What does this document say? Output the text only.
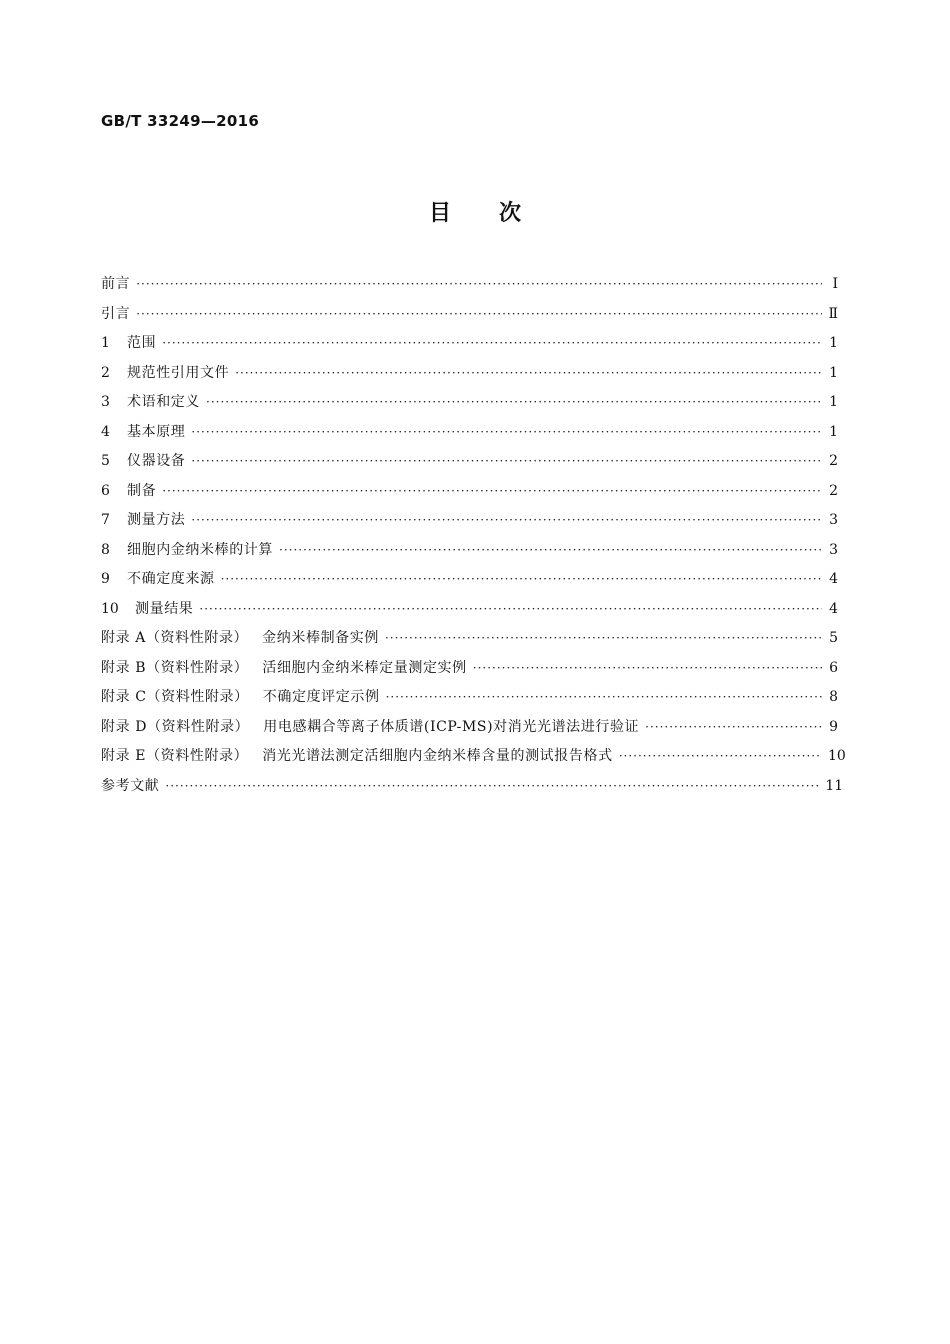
GB/T 33249—2016
目次
前言 ·····	Ⅰ
引言 ·····	Ⅱ
1	范围 ·····	1
2	规范性引用文件 ·····	1
3	术语和定义 ·····	1
4	基本原理 ·····	1
5	仪器设备 ·····	2
6	制备 ·····	2
7	测量方法 ·····	3
8	细胞内金纳米棒的计算 ·····	3
9	不确定度来源 ·····	4
10	测量结果 ·····	4
附录 A（资料性附录） 金纳米棒制备实例 ·····	5
附录 B（资料性附录） 活细胞内金纳米棒定量测定实例 ·····	6
附录 C（资料性附录） 不确定度评定示例 ·····	8
附录 D（资料性附录） 用电感耦合等离子体质谱(ICP-MS)对消光光谱法进行验证 ·····	9
附录 E（资料性附录） 消光光谱法测定活细胞内金纳米棒含量的测试报告格式 ·····	10
参考文献 ·····	11
